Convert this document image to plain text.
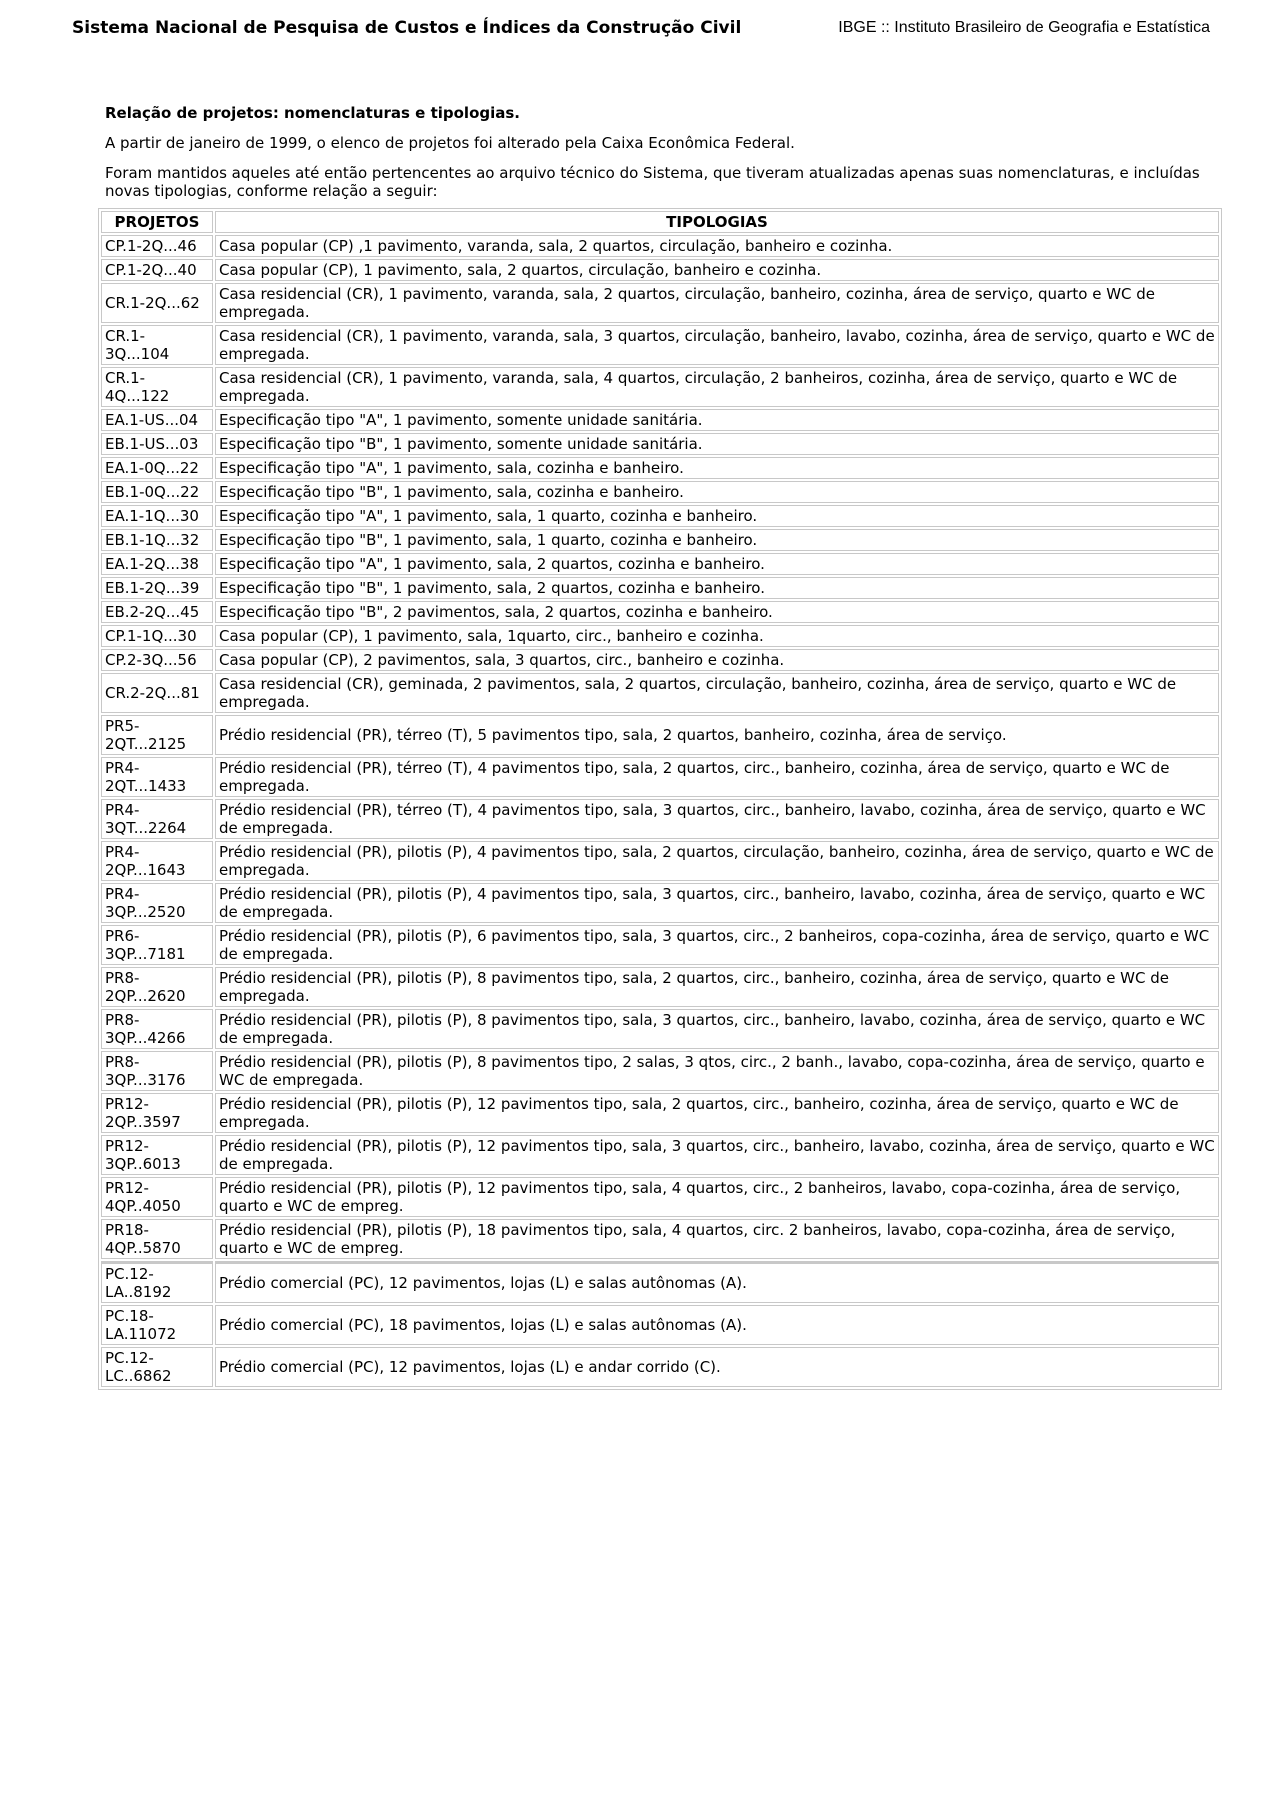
Sistema Nacional de Pesquisa de Custos e Índices da Construção Civil	IBGE :: Instituto Brasileiro de Geografia e Estatística
Relação de projetos: nomenclaturas e tipologias.
A partir de janeiro de 1999, o elenco de projetos foi alterado pela Caixa Econômica Federal.
Foram mantidos aqueles até então pertencentes ao arquivo técnico do Sistema, que tiveram atualizadas apenas suas nomenclaturas, e incluídas novas tipologias, conforme relação a seguir:
PROJETOS	TIPOLOGIAS
CP.1-2Q...46	Casa popular (CP) ,1 pavimento, varanda, sala, 2 quartos, circulação, banheiro e cozinha.
CP.1-2Q...40	Casa popular (CP), 1 pavimento, sala, 2 quartos, circulação, banheiro e cozinha.
CR.1-2Q...62	Casa residencial (CR), 1 pavimento, varanda, sala, 2 quartos, circulação, banheiro, cozinha, área de serviço, quarto e WC de empregada.
CR.1-3Q...104	Casa residencial (CR), 1 pavimento, varanda, sala, 3 quartos, circulação, banheiro, lavabo, cozinha, área de serviço, quarto e WC de empregada.
CR.1-4Q...122	Casa residencial (CR), 1 pavimento, varanda, sala, 4 quartos, circulação, 2 banheiros, cozinha, área de serviço, quarto e WC de empregada.
EA.1-US...04	Especificação tipo "A", 1 pavimento, somente unidade sanitária.
EB.1-US...03	Especificação tipo "B", 1 pavimento, somente unidade sanitária.
EA.1-0Q...22	Especificação tipo "A", 1 pavimento, sala, cozinha e banheiro.
EB.1-0Q...22	Especificação tipo "B", 1 pavimento, sala, cozinha e banheiro.
EA.1-1Q...30	Especificação tipo "A", 1 pavimento, sala, 1 quarto, cozinha e banheiro.
EB.1-1Q...32	Especificação tipo "B", 1 pavimento, sala, 1 quarto, cozinha e banheiro.
EA.1-2Q...38	Especificação tipo "A", 1 pavimento, sala, 2 quartos, cozinha e banheiro.
EB.1-2Q...39	Especificação tipo "B", 1 pavimento, sala, 2 quartos, cozinha e banheiro.
EB.2-2Q...45	Especificação tipo "B", 2 pavimentos, sala, 2 quartos, cozinha e banheiro.
CP.1-1Q...30	Casa popular (CP), 1 pavimento, sala, 1quarto, circ., banheiro e cozinha.
CP.2-3Q...56	Casa popular (CP), 2 pavimentos, sala, 3 quartos, circ., banheiro e cozinha.
CR.2-2Q...81	Casa residencial (CR), geminada, 2 pavimentos, sala, 2 quartos, circulação, banheiro, cozinha, área de serviço, quarto e WC de empregada.
PR5-2QT...2125	Prédio residencial (PR), térreo (T), 5 pavimentos tipo, sala, 2 quartos, banheiro, cozinha, área de serviço.
PR4-2QT...1433	Prédio residencial (PR), térreo (T), 4 pavimentos tipo, sala, 2 quartos, circ., banheiro, cozinha, área de serviço, quarto e WC de empregada.
PR4-3QT...2264	Prédio residencial (PR), térreo (T), 4 pavimentos tipo, sala, 3 quartos, circ., banheiro, lavabo, cozinha, área de serviço, quarto e WC de empregada.
PR4-2QP...1643	Prédio residencial (PR), pilotis (P), 4 pavimentos tipo, sala, 2 quartos, circulação, banheiro, cozinha, área de serviço, quarto e WC de empregada.
PR4-3QP...2520	Prédio residencial (PR), pilotis (P), 4 pavimentos tipo, sala, 3 quartos, circ., banheiro, lavabo, cozinha, área de serviço, quarto e WC de empregada.
PR6-3QP...7181	Prédio residencial (PR), pilotis (P), 6 pavimentos tipo, sala, 3 quartos, circ., 2 banheiros, copa-cozinha, área de serviço, quarto e WC de empregada.
PR8-2QP...2620	Prédio residencial (PR), pilotis (P), 8 pavimentos tipo, sala, 2 quartos, circ., banheiro, cozinha, área de serviço, quarto e WC de empregada.
PR8-3QP...4266	Prédio residencial (PR), pilotis (P), 8 pavimentos tipo, sala, 3 quartos, circ., banheiro, lavabo, cozinha, área de serviço, quarto e WC de empregada.
PR8-3QP...3176	Prédio residencial (PR), pilotis (P), 8 pavimentos tipo, 2 salas, 3 qtos, circ., 2 banh., lavabo, copa-cozinha, área de serviço, quarto e WC de empregada.
PR12-2QP..3597	Prédio residencial (PR), pilotis (P), 12 pavimentos tipo, sala, 2 quartos, circ., banheiro, cozinha, área de serviço, quarto e WC de empregada.
PR12-3QP..6013	Prédio residencial (PR), pilotis (P), 12 pavimentos tipo, sala, 3 quartos, circ., banheiro, lavabo, cozinha, área de serviço, quarto e WC de empregada.
PR12-4QP..4050	Prédio residencial (PR), pilotis (P), 12 pavimentos tipo, sala, 4 quartos, circ., 2 banheiros, lavabo, copa-cozinha, área de serviço, quarto e WC de empreg.
PR18-4QP..5870	Prédio residencial (PR), pilotis (P), 18 pavimentos tipo, sala, 4 quartos, circ. 2 banheiros, lavabo, copa-cozinha, área de serviço, quarto e WC de empreg.
PC.12-LA..8192	Prédio comercial (PC), 12 pavimentos, lojas (L) e salas autônomas (A).
PC.18-LA.11072	Prédio comercial (PC), 18 pavimentos, lojas (L) e salas autônomas (A).
PC.12-LC..6862	Prédio comercial (PC), 12 pavimentos, lojas (L) e andar corrido (C).
